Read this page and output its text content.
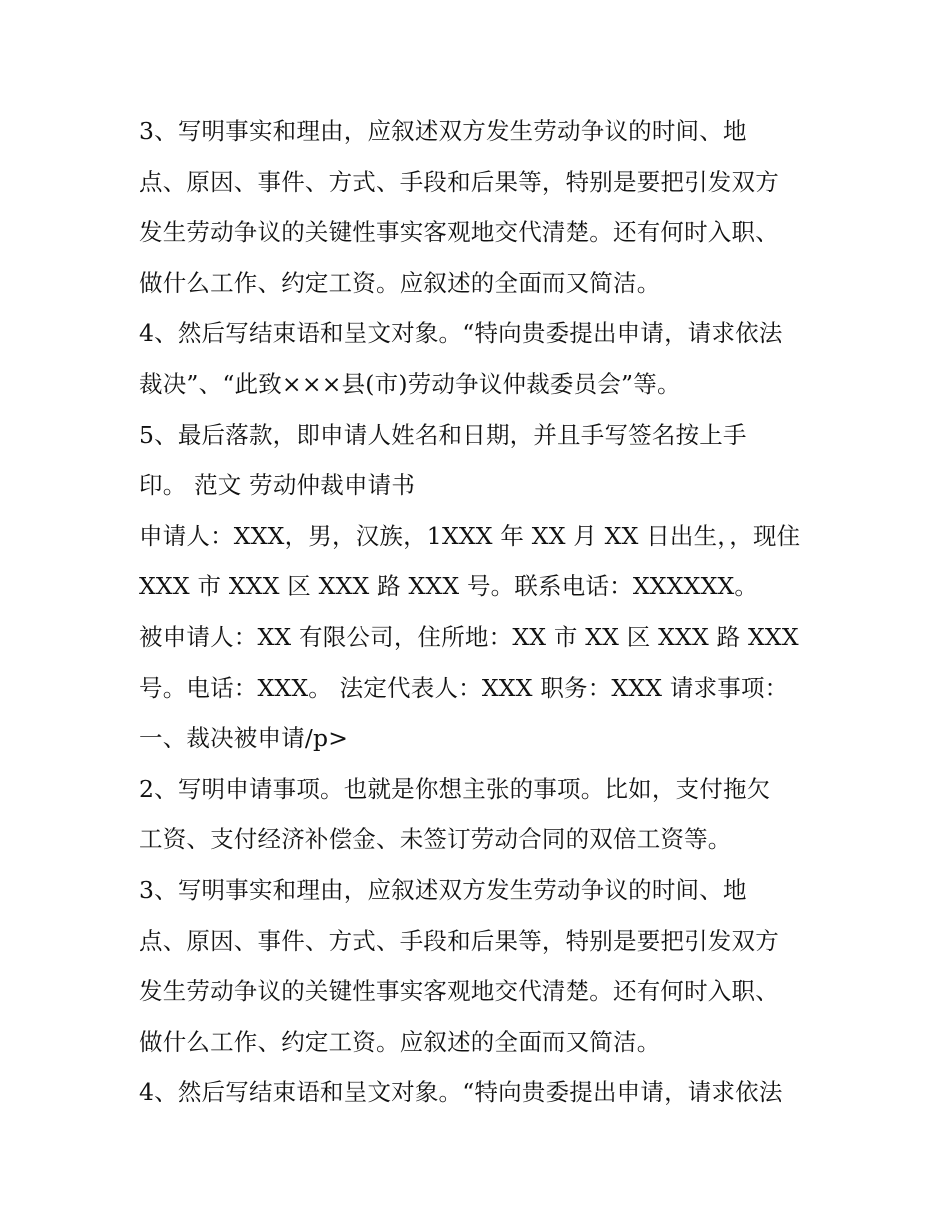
3、写明事实和理由，应叙述双方发生劳动争议的时间、地
点、原因、事件、方式、手段和后果等，特别是要把引发双方
发生劳动争议的关键性事实客观地交代清楚。还有何时入职、
做什么工作、约定工资。应叙述的全面而又简洁。
4、然后写结束语和呈文对象。“特向贵委提出申请，请求依法
裁决”、“此致×××县(市)劳动争议仲裁委员会”等。
5、最后落款，即申请人姓名和日期，并且手写签名按上手
印。 范文 劳动仲裁申请书
申请人：XXX，男，汉族，1XXX 年 XX 月 XX 日出生，，现住
XXX 市 XXX 区 XXX 路 XXX 号。联系电话：XXXXXX。
被申请人：XX 有限公司，住所地：XX 市 XX 区 XXX 路 XXX
号。电话：XXX。 法定代表人：XXX 职务：XXX 请求事项：
一、裁决被申请/p>
2、写明申请事项。也就是你想主张的事项。比如，支付拖欠
工资、支付经济补偿金、未签订劳动合同的双倍工资等。
3、写明事实和理由，应叙述双方发生劳动争议的时间、地
点、原因、事件、方式、手段和后果等，特别是要把引发双方
发生劳动争议的关键性事实客观地交代清楚。还有何时入职、
做什么工作、约定工资。应叙述的全面而又简洁。
4、然后写结束语和呈文对象。“特向贵委提出申请，请求依法
